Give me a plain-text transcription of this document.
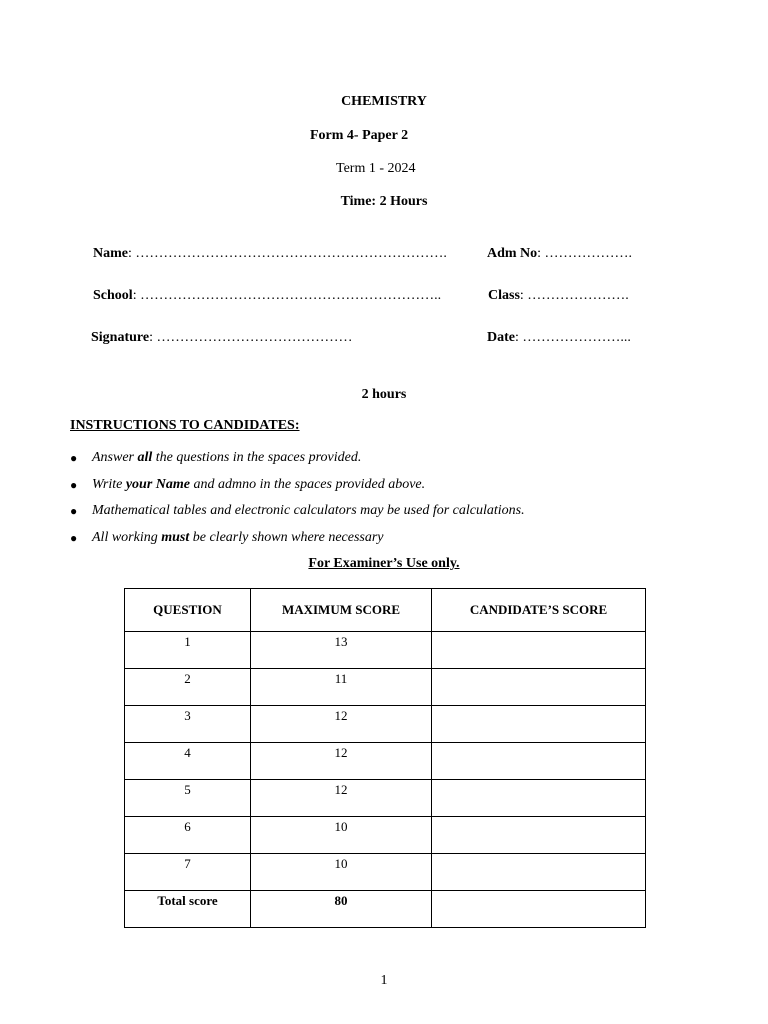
CHEMISTRY
Form 4- Paper 2
Term 1 - 2024
Time: 2 Hours
Name: ………………………………………………………….	Adm No: ……………….
School: ………………………………………………………..	Class: ………………….
Signature: ……………………………………	Date: …………………...
2 hours
INSTRUCTIONS TO CANDIDATES:
● Answer all the questions in the spaces provided.
● Write your Name and admno in the spaces provided above.
● Mathematical tables and electronic calculators may be used for calculations.
● All working must be clearly shown where necessary
For Examiner’s Use only.
QUESTION	MAXIMUM SCORE	CANDIDATE’S SCORE
1	13	
2	11	
3	12	
4	12	
5	12	
6	10	
7	10	
Total score	80	
1
